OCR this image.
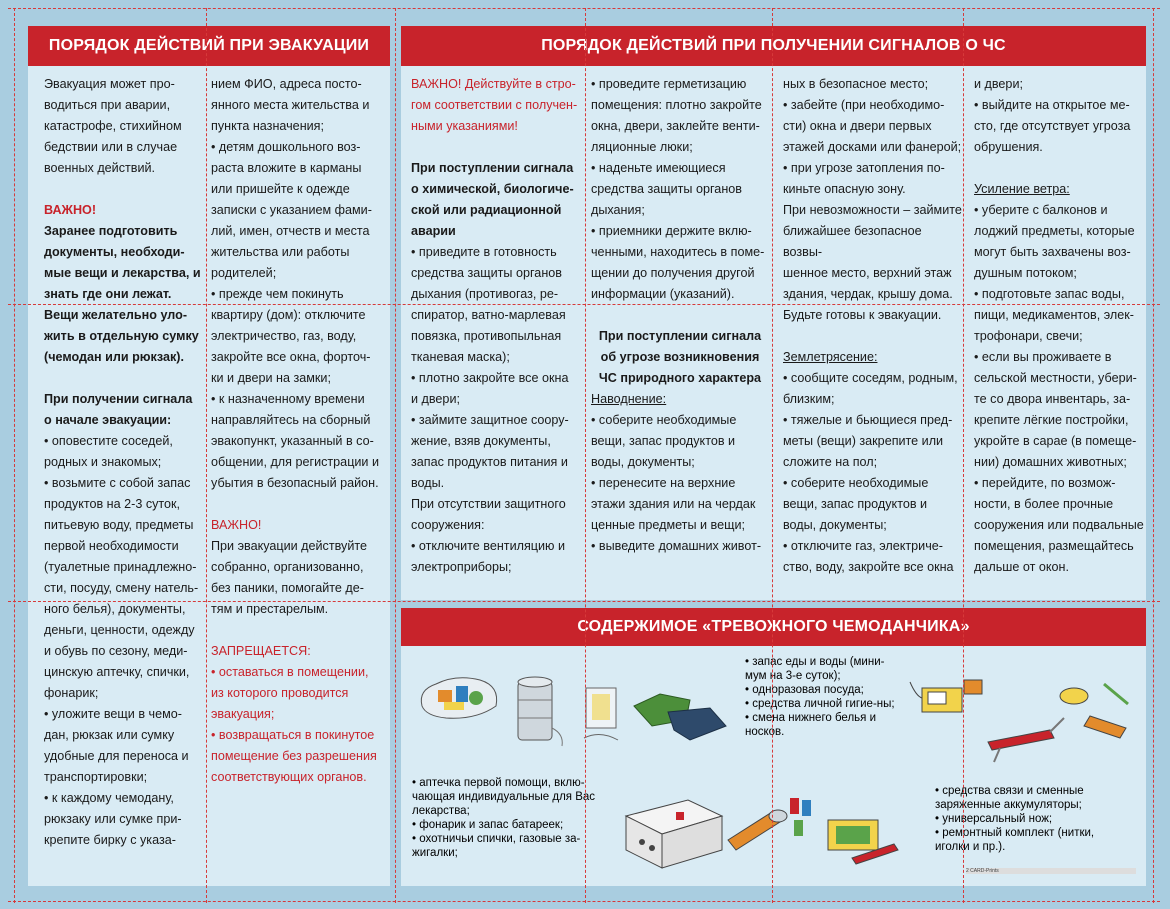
ПОРЯДОК ДЕЙСТВИЙ ПРИ ЭВАКУАЦИИ	ПОРЯДОК ДЕЙСТВИЙ ПРИ ПОЛУЧЕНИИ СИГНАЛОВ О ЧС
СОДЕРЖИМОЕ «ТРЕВОЖНОГО ЧЕМОДАНЧИКА»

Эвакуация может про-

водиться при аварии,

катастрофе, стихийном

бедствии или в случае

военных действий.

ВАЖНО!

Заранее подготовить

документы, необходи-

мые вещи и лекарства, и

знать где они лежат.

Вещи желательно уло-

жить в отдельную сумку

(чемодан или рюкзак).

При получении сигнала

о начале эвакуации:

• оповестите соседей,

родных и знакомых;

• возьмите с собой запас

продуктов на 2-3 суток,

питьевую воду, предметы

первой необходимости

(туалетные принадлежно-

сти, посуду, смену натель-

ного белья), документы,

деньги, ценности, одежду

и обувь по сезону, меди-

цинскую аптечку, спички,

фонарик;

• уложите вещи в чемо-

дан, рюкзак или сумку

удобные для переноса и

транспортировки;

• к каждому чемодану,

рюкзаку или сумке при-

крепите бирку с указа-

нием ФИО, адреса посто-

янного места жительства и

пункта назначения;

• детям дошкольного воз-

раста вложите в карманы

или пришейте к одежде

записки с указанием фами-

лий, имен, отчеств и места

жительства или работы

родителей;

• прежде чем покинуть

квартиру (дом): отключите

электричество, газ, воду,

закройте все окна, форточ-

ки и двери на замки;

• к назначенному времени

направляйтесь на сборный

эвакопункт, указанный в со-

общении, для регистрации и

убытия в безопасный район.

ВАЖНО!

При эвакуации действуйте

собранно, организованно,

без паники, помогайте де-

тям и престарелым.

ЗАПРЕЩАЕТСЯ:

• оставаться в помещении,

из которого проводится

эвакуация;

• возвращаться в покинутое

помещение без разрешения

соответствующих органов.

ВАЖНО! Действуйте в стро-

гом соответствии с получен-

ными указаниями!

При поступлении сигнала

о химической, биологиче-

ской или радиационной

аварии

• приведите в готовность

средства защиты органов

дыхания (противогаз, ре-

спиратор, ватно-марлевая

повязка, противопыльная

тканевая маска);

• плотно закройте все окна

и двери;

• займите защитное соору-

жение, взяв документы,

запас продуктов питания и

воды.

При отсутствии защитного

сооружения:

• отключите вентиляцию и

электроприборы;

• проведите герметизацию

помещения: плотно закройте

окна, двери, заклейте венти-

ляционные люки;

• наденьте имеющиеся

средства защиты органов

дыхания;

• приемники держите вклю-

ченными, находитесь в поме-

щении до получения другой

информации (указаний).

При поступлении сигнала

об угрозе возникновения

ЧС природного характера

Наводнение:

• соберите необходимые

вещи, запас продуктов и

воды, документы;

• перенесите на верхние

этажи здания или на чердак

ценные предметы и вещи;

• выведите домашних живот-

ных в безопасное место;

• забейте (при необходимо-

сти) окна и двери первых

этажей досками или фанерой;

• при угрозе затопления по-

киньте опасную зону.

При невозможности – займите

ближайшее безопасное возвы-

шенное место, верхний этаж

здания, чердак, крышу дома.

Будьте готовы к эвакуации.

Землетрясение:

• сообщите соседям, родным,

близким;

• тяжелые и бьющиеся пред-

меты (вещи) закрепите или

сложите на пол;

• соберите необходимые

вещи, запас продуктов и

воды, документы;

• отключите газ, электриче-

ство, воду, закройте все окна

и двери;

• выйдите на открытое ме-

сто, где отсутствует угроза

обрушения.

Усиление ветра:

• уберите с балконов и

лоджий предметы, которые

могут быть захвачены воз-

душным потоком;

• подготовьте запас воды,

пищи, медикаментов, элек-

трофонари, свечи;

• если вы проживаете в

сельской местности, убери-

те со двора инвентарь, за-

крепите лёгкие постройки,

укройте в сарае (в помеще-

нии) домашних животных;

• перейдите, по возмож-

ности, в более прочные

сооружения или подвальные

помещения, размещайтесь

дальше от окон.

• запас еды и воды (мини-мум на 3-е суток);
• одноразовая посуда;
• средства личной гигие-ны;
• смена нижнего белья и носков.
• аптечка первой помощи, вклю-чающая индивидуальные для Вас лекарства;
• фонарик и запас батареек;
• охотничьи спички, газовые за-жигалки;
• средства связи и сменные заряженные аккумуляторы;
• универсальный нож;
• ремонтный комплект (нитки, иголки и пр.).
2 CARD-Prints
